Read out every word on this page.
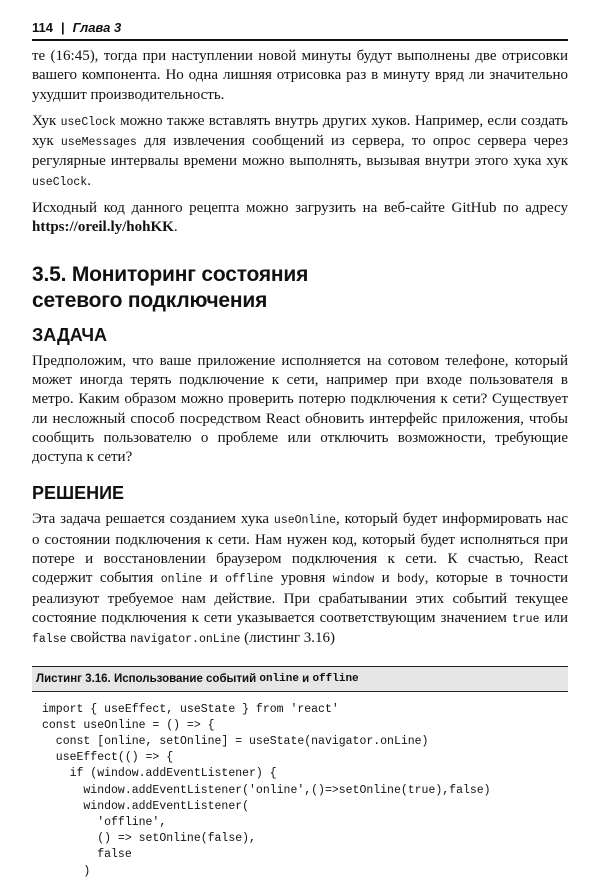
114 | Глава 3

те (16:45), тогда при наступлении новой минуты будут выполнены две отрисовки вашего компонента. Но одна лишняя отрисовка раз в минуту вряд ли значительно ухудшит производительность.

Хук useClock можно также вставлять внутрь других хуков. Например, если создать хук useMessages для извлечения сообщений из сервера, то опрос сервера через регулярные интервалы времени можно выполнять, вызывая внутри этого хука хук useClock.

Исходный код данного рецепта можно загрузить на веб-сайте GitHub по адресу https://oreil.ly/hohKK.

3.5. Мониторинг состояния
сетевого подключения
ЗАДАЧА

Предположим, что ваше приложение исполняется на сотовом телефоне, который может иногда терять подключение к сети, например при входе пользователя в метро. Каким образом можно проверить потерю подключения к сети? Существует ли несложный способ посредством React обновить интерфейс приложения, чтобы сообщить пользователю о проблеме или отключить возможности, требующие доступа к сети?

РЕШЕНИЕ

Эта задача решается созданием хука useOnline, который будет информировать нас о состоянии подключения к сети. Нам нужен код, который будет исполняться при потере и восстановлении браузером подключения к сети. К счастью, React содержит события online и offline уровня window и body, которые в точности реализуют требуемое нам действие. При срабатывании этих событий текущее состояние подключения к сети указывается соответствующим значением true или false свойства navigator.onLine (листинг 3.16)

Листинг 3.16. Использование событий
online
и
offline
import { useEffect, useState } from 'react'
const useOnline = () => {
const [online, setOnline] = useState(navigator.onLine)
useEffect(() => {
if (window.addEventListener) {
window.addEventListener('online',()=>setOnline(true),false)
window.addEventListener(
'offline',
() => setOnline(false),
false
)
